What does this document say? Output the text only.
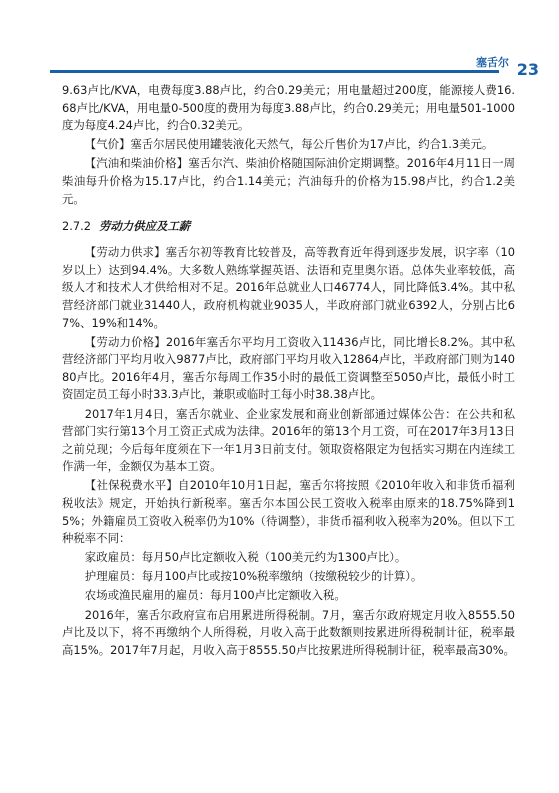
塞舌尔 23

9.63卢比/KVA，电费每度3.88卢比，约合0.29美元；用电量超过200度，能源接人费16.68卢比/KVA，用电量0-500度的费用为每度3.88卢比，约合0.29美元；用电量501-1000度为每度4.24卢比，约合0.32美元。

【气价】塞舌尔居民使用罐装液化天然气，每公斤售价为17卢比，约合1.3美元。

【汽油和柴油价格】塞舌尔汽、柴油价格随国际油价定期调整。2016年4月11日一周柴油每升价格为15.17卢比，约合1.14美元；汽油每升的价格为15.98卢比，约合1.2美元。

2.7.2 劳动力供应及工薪

【劳动力供求】塞舌尔初等教育比较普及，高等教育近年得到逐步发展，识字率（10岁以上）达到94.4%。大多数人熟练掌握英语、法语和克里奥尔语。总体失业率较低，高级人才和技术人才供给相对不足。2016年总就业人口46774人，同比降低3.4%。其中私营经济部门就业31440人，政府机构就业9035人，半政府部门就业6392人，分别占比67%、19%和14%。

【劳动力价格】2016年塞舌尔平均月工资收入11436卢比，同比增长8.2%。其中私营经济部门平均月收入9877卢比，政府部门平均月收入12864卢比，半政府部门则为14080卢比。2016年4月，塞舌尔每周工作35小时的最低工资调整至5050卢比，最低小时工资固定员工每小时33.3卢比，兼职或临时工每小时38.38卢比。

2017年1月4日，塞舌尔就业、企业家发展和商业创新部通过媒体公告：在公共和私营部门实行第13个月工资正式成为法律。2016年的第13个月工资，可在2017年3月13日之前兑现；今后每年度须在下一年1月3日前支付。领取资格限定为包括实习期在内连续工作满一年，金额仅为基本工资。

【社保税费水平】自2010年10月1日起，塞舌尔将按照《2010年收入和非货币福利税收法》规定，开始执行新税率。塞舌尔本国公民工资收入税率由原来的18.75%降到15%；外籍雇员工资收入税率仍为10%（待调整），非货币福利收入税率为20%。但以下工种税率不同：

家政雇员：每月50卢比定额收入税（100美元约为1300卢比）。

护理雇员：每月100卢比或按10%税率缴纳（按缴税较少的计算）。

农场或渔民雇用的雇员：每月100卢比定额收入税。

2016年，塞舌尔政府宣布启用累进所得税制。7月，塞舌尔政府规定月收入8555.50卢比及以下，将不再缴纳个人所得税，月收入高于此数额则按累进所得税制计征，税率最高15%。2017年7月起，月收入高于8555.50卢比按累进所得税制计征，税率最高30%。
